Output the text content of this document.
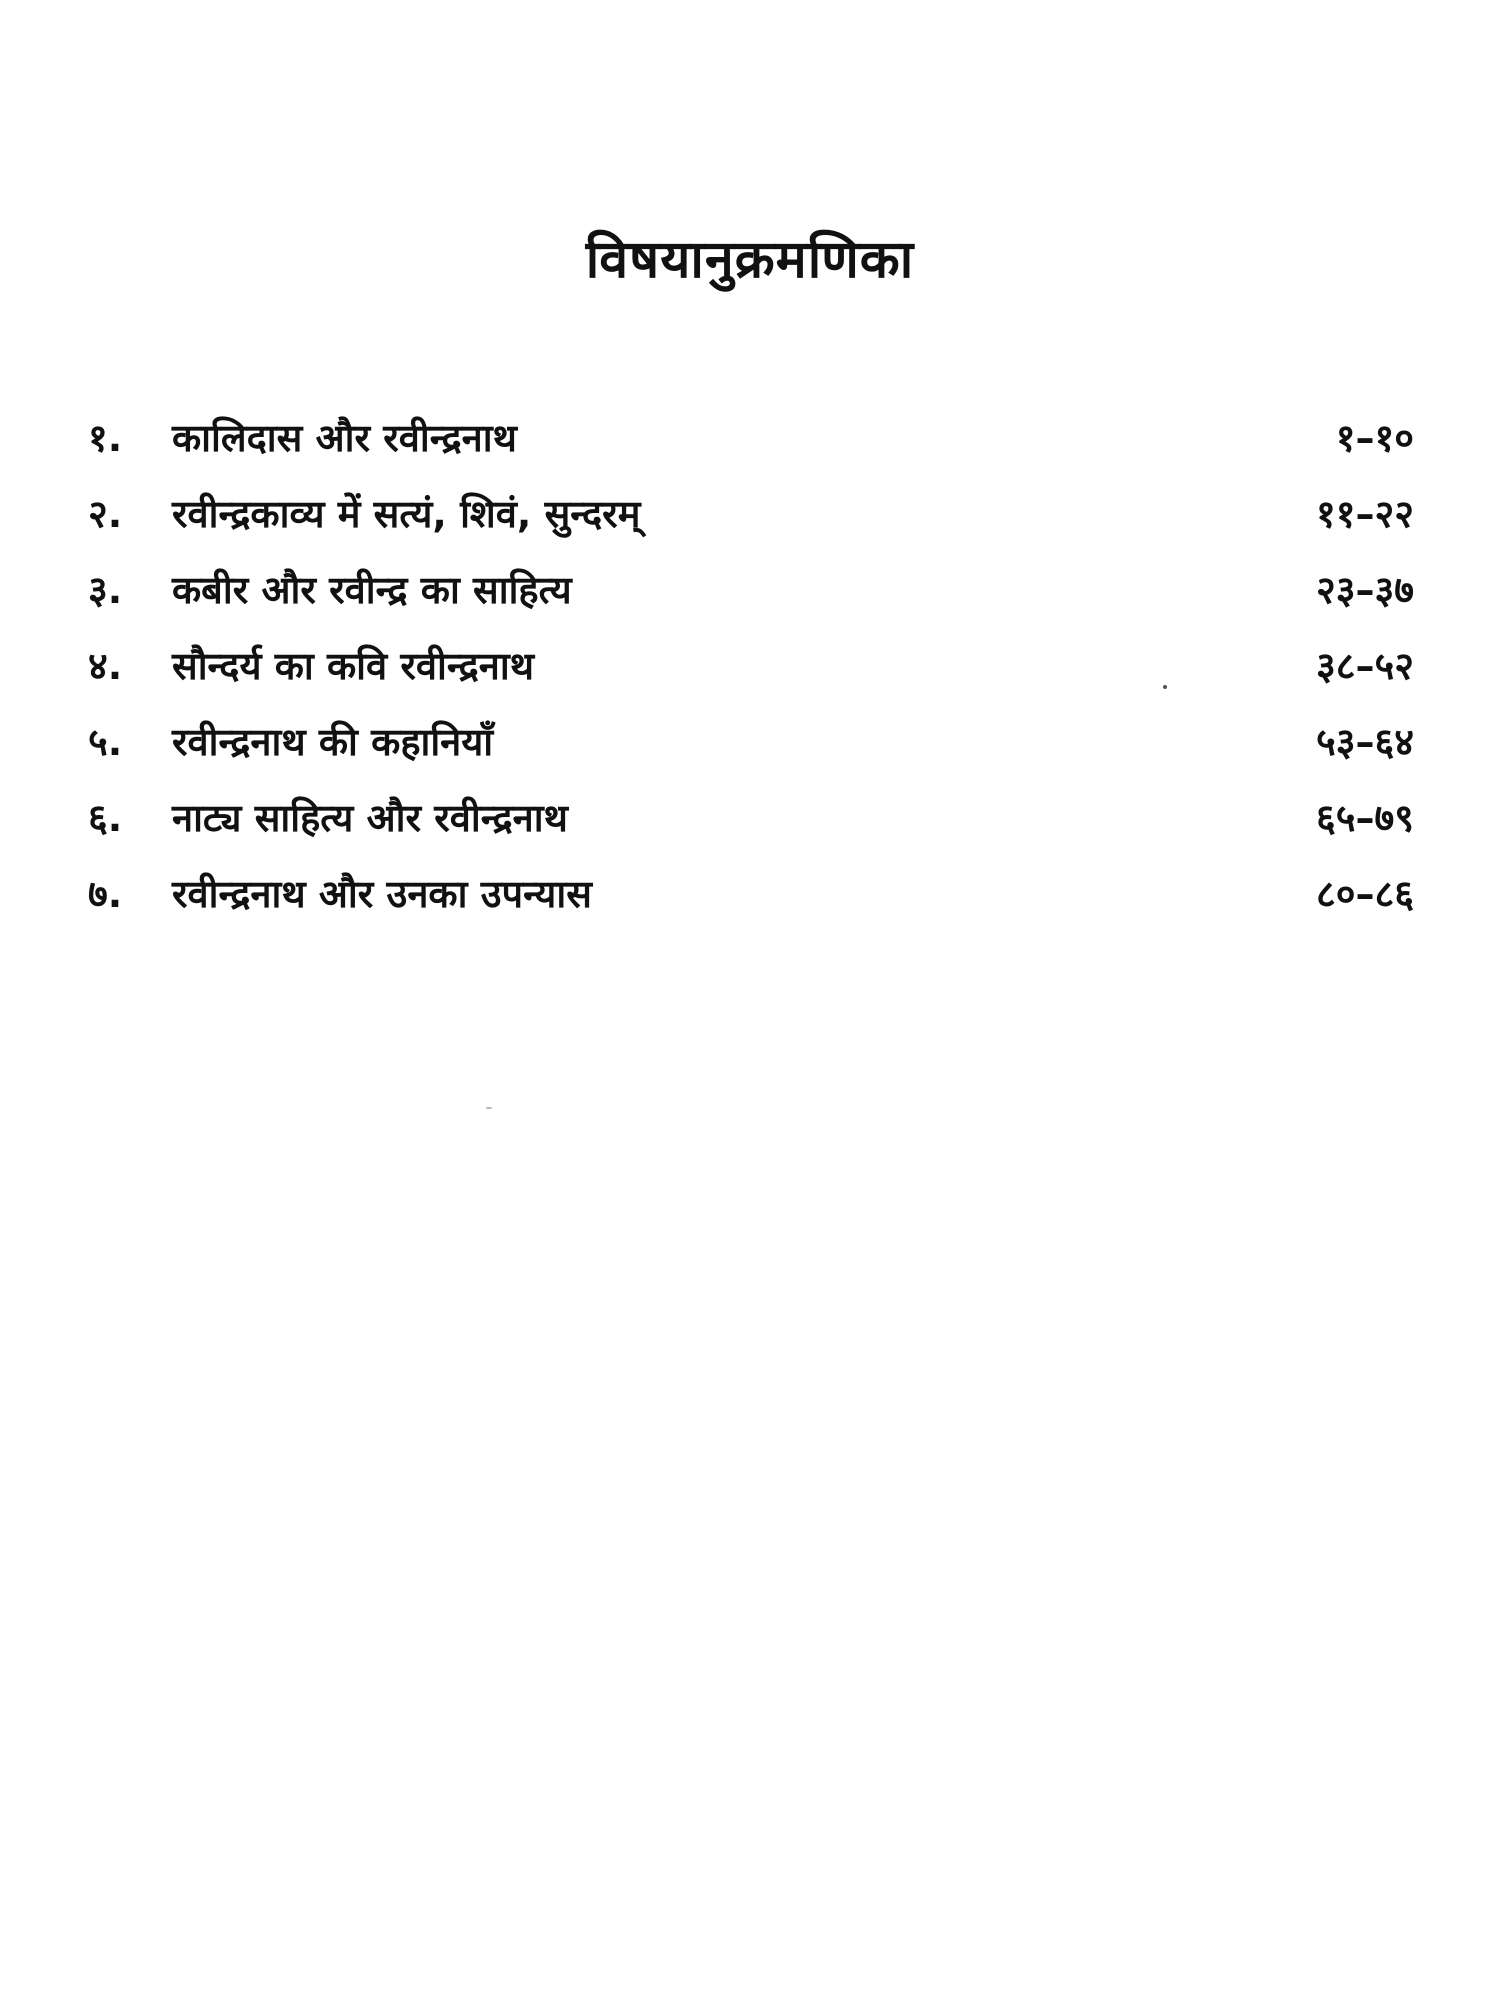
विषयानुक्रमणिका
१.	कालिदास और रवीन्द्रनाथ	१–१०
२.	रवीन्द्रकाव्य में सत्यं, शिवं, सुन्दरम्	११–२२
३.	कबीर और रवीन्द्र का साहित्य	२३–३७
४.	सौन्दर्य का कवि रवीन्द्रनाथ	३८–५२
५.	रवीन्द्रनाथ की कहानियाँ	५३–६४
६.	नाट्य साहित्य और रवीन्द्रनाथ	६५–७९
७.	रवीन्द्रनाथ और उनका उपन्यास	८०–८६
